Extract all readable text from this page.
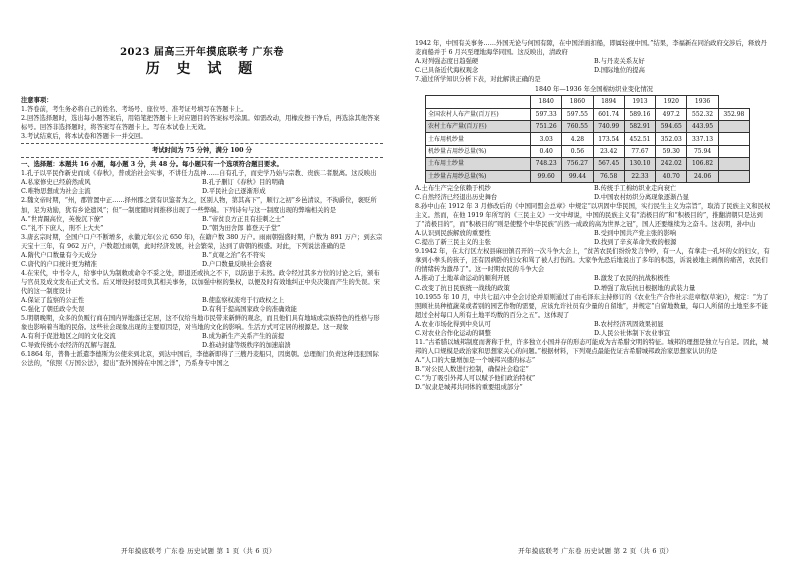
2023 届高三开年摸底联考 广东卷
历 史 试 题
注意事项：

1.答卷前，考生务必将自己的姓名、考场号、座位号、准考证号填写在答题卡上。

2.回答选择题时，选出每小题答案后，用铅笔把答题卡上对应题目的答案标号涂黑。如需改动，用橡皮擦干净后，再选涂其他答案标号。回答非选择题时，将答案写在答题卡上。写在本试卷上无效。

3.考试结束后，将本试卷和答题卡一并交回。

考试时间为 75 分钟，满分 100 分

一、选择题：本题共 16 小题，每小题 3 分，共 48 分。每小题只有一个选项符合题目要求。

1.孔子以平民作新史而成《春秋》，普或治社会实事，不讲任力乱神……自有孔子，而史学乃始与宗教、贵族二者脱离。这反映出

A.私家修史已经蔚然成风	B.孔子删订《春秋》目的明确
C.唯物思想成为社会主流	D.平民社会已逐渐形成

2.魏文帝时期，“州，郡管置中正……择州郡之贤有识鉴者为之，区别人物，第其高下”，顺行之初“乡邑清议，不拘爵位，褒贬所加，足为劝励，犹有乡论遗风”；但“一制度随时间推移出现了一些弊端。下列诗句与这一制度出现的弊端相关的是

A.“世胄蹑高位，英俊沉下僚”	B.“帝贫良方正且有挂刺之士”
C.“礼不下庶人，刑不上大夫”	D.“朝为田舍郎 暮登天子堂”

3.唐玄宗时期，全国户口户不断增多，永徽元年(公元 650 年)，在籍户数 380 万户。雨雨朝强盛时期，户数为 891 万户；到玄宗天宝十三年，有 962 万户，户数超过雨朝，此时经济发展，社会繁荣，达到了唐朝的极盛。对此，下列说法准确的是

A.隋代户口数量有今天成分	B.“贞观之治”名不符实
C.唐代的户口统计更为精准	D.户口数量反映社会盛衰

4.在宋代，中书令人，给事中认为制敕或命令不妥之处，即退还或执之不下，以防患于未然。政令经过其多方位的讨论之后，颁布与官员及成文发布正式文书。后又增设封驳司负其相关事务，以加强中枢的集权，以便及时有效地纠正中央决策而产生的失误。宋代的这一制度设计

A.保证了监察的公正性	B.使监察权流弯于行政权之上
C.强化了朝廷政令失误	D.有利于提高国家政令的准确效能

5.明朝晚期，众多的负贩行商在国内异地落迁定居，这不仅给当地市民带来新鲜的观念，而且他们具有地域或宗族特色的性格与形象也影响着当地的民俗。这些社会现象出现的主要原因是，对当地的文化的影响。生活方式可定居的根源是。这一现象

A.有利于促进地区之间的文化交流	B.成为新生产关系产生的前提
C.导致传统小农经济的瓦解与混乱	D.推动封建等级秩序的加速崩溃

6.1864 年，普鲁士派遣李德斯为公使来到北京，到达中国后，李德新即得了三艘丹麦船只，因奥朝。总理衙门负责这种违犯国际公法的，“依照《万国公法》，提出“查外国持在中国之洋”，乃系身专中国之

开年摸底联考 广东卷 历史试题 第 1 页（共 6 页）

1942 年，中国有关事务……外国无论与何国有隙，在中国洋面扣船，即属轻视中国。”结果，李福新在同治政府交涉后，释放丹麦商船并于 6 月兴至理地海华同国。这反映出，清政府

A.对列强态度日趋强硬	B.与丹麦关系友好
C.已具备近代海权观念	D.国际地位的提高

7.通过所学知识分析下表，对此解读正确的是

1840 年—1936 年全国棉纺织业变化情况
	1840	1860	1894	1913	1920	1936	
全国农村人布产量(百万匹)	597.33	597.55	601.74	589.16	497.2	552.32	352.98
农村土布产量(百万匹)	751.26	760.55	740.99	582.91	594.65	443.95	
土布用机纱量	3.03	4.28	173.54	452.51	352.03	337.13	
机纱量占用纱总量(%)	0.40	0.56	23.42	77.67	59.30	75.94	
土布用土纱量	748.23	756.27	567.45	130.10	242.02	106.82	
土纱量占用纱总量(%)	99.60	99.44	76.58	22.33	40.70	24.06	
A.土布生产完全依赖于机纱	B.传统手工棉纺织业走向衰亡
C.自然经济已经退出历史舞台	D.中国农村纺织分离现象逐渐凸显

8.孙中山在 1912 年 3 月修改后的《中国同盟会总章》中规定“以巩固中华民国，实行民生主义为宗旨”，取消了民族主义和民权主义。然而，在他 1919 年所写的《三民主义》一文中却说，中国的民族主义有“消极目的”和“积极目的”，推翻清朝只是达到了“消极目的”，而“积极目的”则是使整个中华民族“岿然一成政的高为世界之冠”，国人还要继续为之奋斗。这表明，孙中山

A.认识到民族解放的重要性	B.受到中国共产党主张的影响
C.提出了新三民主义的主张	D.找到了辛亥革命失败的根源

9.1942 年，在太行区左权县麻田镇召开的一次斗争大会上，“贫苦农民们纷纷发言争吵，有一人，有拿走一孔坏的女的妇女，有拿到小拳头的孩子，还有因病卧的妇女和骂了被人打伤的。大家争先恐后地说出了多年的积怨，诉说被地主剥削的痛苦，农民们的情绪转为激昂了”。这一时期农民的斗争大会

A.推动了土地革命运动的顺利开展	B.激发了农民的抗战积极性
C.改变了抗日民族统一战线的政策	D.增强了敌后抗日根据地的武装力量

10.1955 年 10 月，中共七届六中全会讨论并原则通过了由毛泽东主持修订的《农业生产合作社示范章程(草案)》，规定：“为了照顾社员种植蔬菜或者别的园艺作物的需要，应该允许社员有少量的自留地”，并规定“自留地数量，每口人所留的土地至多不能超过全村每口人所有土地平均数的百分之五”。这体现了

A.农业市场化得到中央认可	B.农村经济巩固效果初显
C.对农业合作化运动的调整	D.人民公社体制下农业事宜

11.“古希腊以城邦制度而著称于世，许多独立小国并存的形态可能成为古希腊文明的特征。城邦的理想是独立与自足。因此，城邦的人口规模是政治家和思想家关心的问题。”根据材料，下列观点最能佐证古希腊城邦政治家思想家认识的是

A.“人口的大量增加是一个城邦兴盛的标志”

B.“对公民人数进行控制，确保社会稳定”

C.“为了吸引外邦人可以赋予他们政治特权”

D.“奴隶是城邦共同体的重要组成部分”

开年摸底联考 广东卷 历史试题 第 2 页（共 6 页）
